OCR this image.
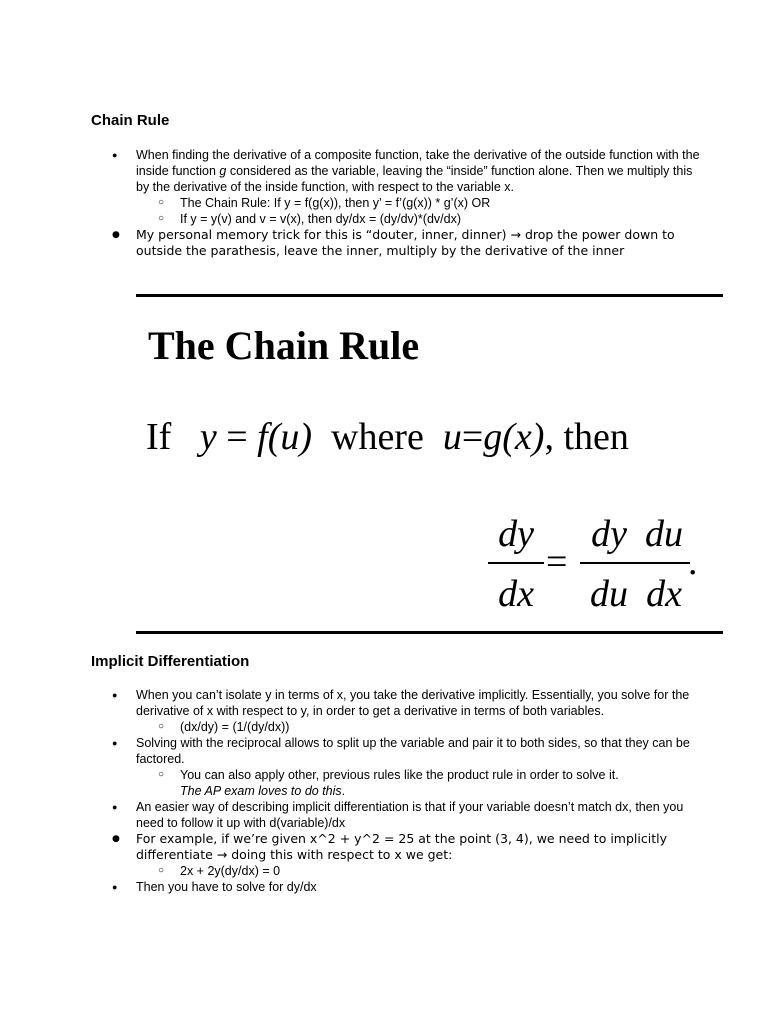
Chain Rule
● When finding the derivative of a composite function, take the derivative of the outside function with the inside function g considered as the variable, leaving the “inside” function alone. Then we multiply this by the derivative of the inside function, with respect to the variable x.
○ The Chain Rule: If y = f(g(x)), then y’ = f’(g(x)) * g’(x) OR
○ If y = y(v) and v = v(x), then dy/dx = (dy/dv)*(dv/dx)
● My personal memory trick for this is “douter, inner, dinner) → drop the power down to outside the parathesis, leave the inner, multiply by the derivative of the inner
The Chain Rule
If y = f(u) where u=g(x), then
dy
dx
=
dy
du
du
dx
.
Implicit Differentiation
● When you can’t isolate y in terms of x, you take the derivative implicitly. Essentially, you solve for the derivative of x with respect to y, in order to get a derivative in terms of both variables.
○ (dx/dy) = (1/(dy/dx))
● Solving with the reciprocal allows to split up the variable and pair it to both sides, so that they can be factored.
○ You can also apply other, previous rules like the product rule in order to solve it.
The AP exam loves to do this.
● An easier way of describing implicit differentiation is that if your variable doesn’t match dx, then you need to follow it up with d(variable)/dx
● For example, if we’re given x^2 + y^2 = 25 at the point (3, 4), we need to implicitly differentiate → doing this with respect to x we get:
○ 2x + 2y(dy/dx) = 0
● Then you have to solve for dy/dx
